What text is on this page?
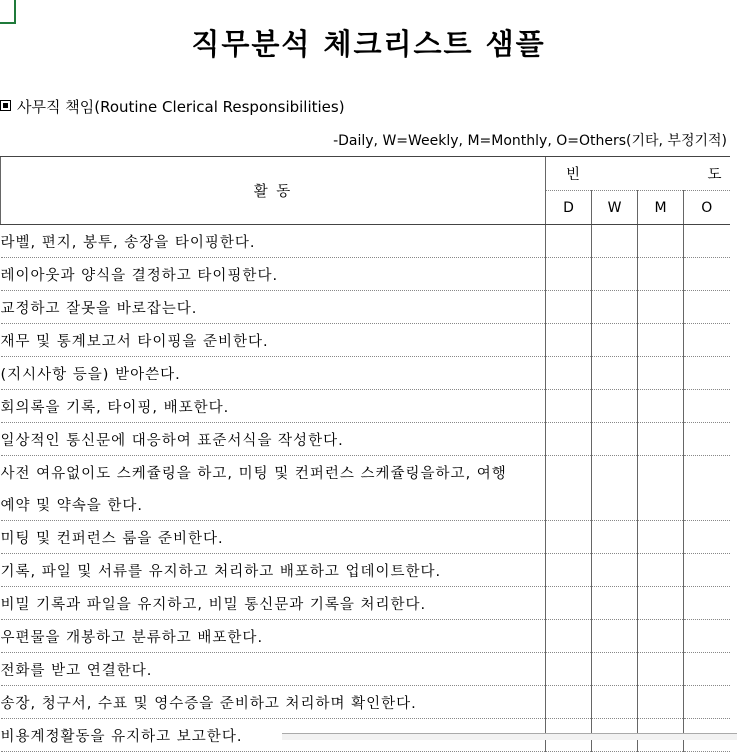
직무분석 체크리스트 샘플
사무직 책임(Routine Clerical Responsibilities)
-Daily, W=Weekly, M=Monthly, O=Others(기타, 부정기적)
활 동	빈 도			

	D	W	M	O
라벨, 편지, 봉투, 송장을 타이핑한다.				
레이아웃과 양식을 결정하고 타이핑한다.				
교정하고 잘못을 바로잡는다.				
재무 및 통계보고서 타이핑을 준비한다.				
(지시사항 등을) 받아쓴다.				
회의록을 기록, 타이핑, 배포한다.				
일상적인 통신문에 대응하여 표준서식을 작성한다.				
사전 여유없이도 스케쥴링을 하고, 미팅 및 컨퍼런스 스케쥴링을하고, 여행				
예약 및 약속을 한다.				
미팅 및 컨퍼런스 룸을 준비한다.				
기록, 파일 및 서류를 유지하고 처리하고 배포하고 업데이트한다.				
비밀 기록과 파일을 유지하고, 비밀 통신문과 기록을 처리한다.				
우편물을 개봉하고 분류하고 배포한다.				
전화를 받고 연결한다.				
송장, 청구서, 수표 및 영수증을 준비하고 처리하며 확인한다.				
비용계정활동을 유지하고 보고한다.				
